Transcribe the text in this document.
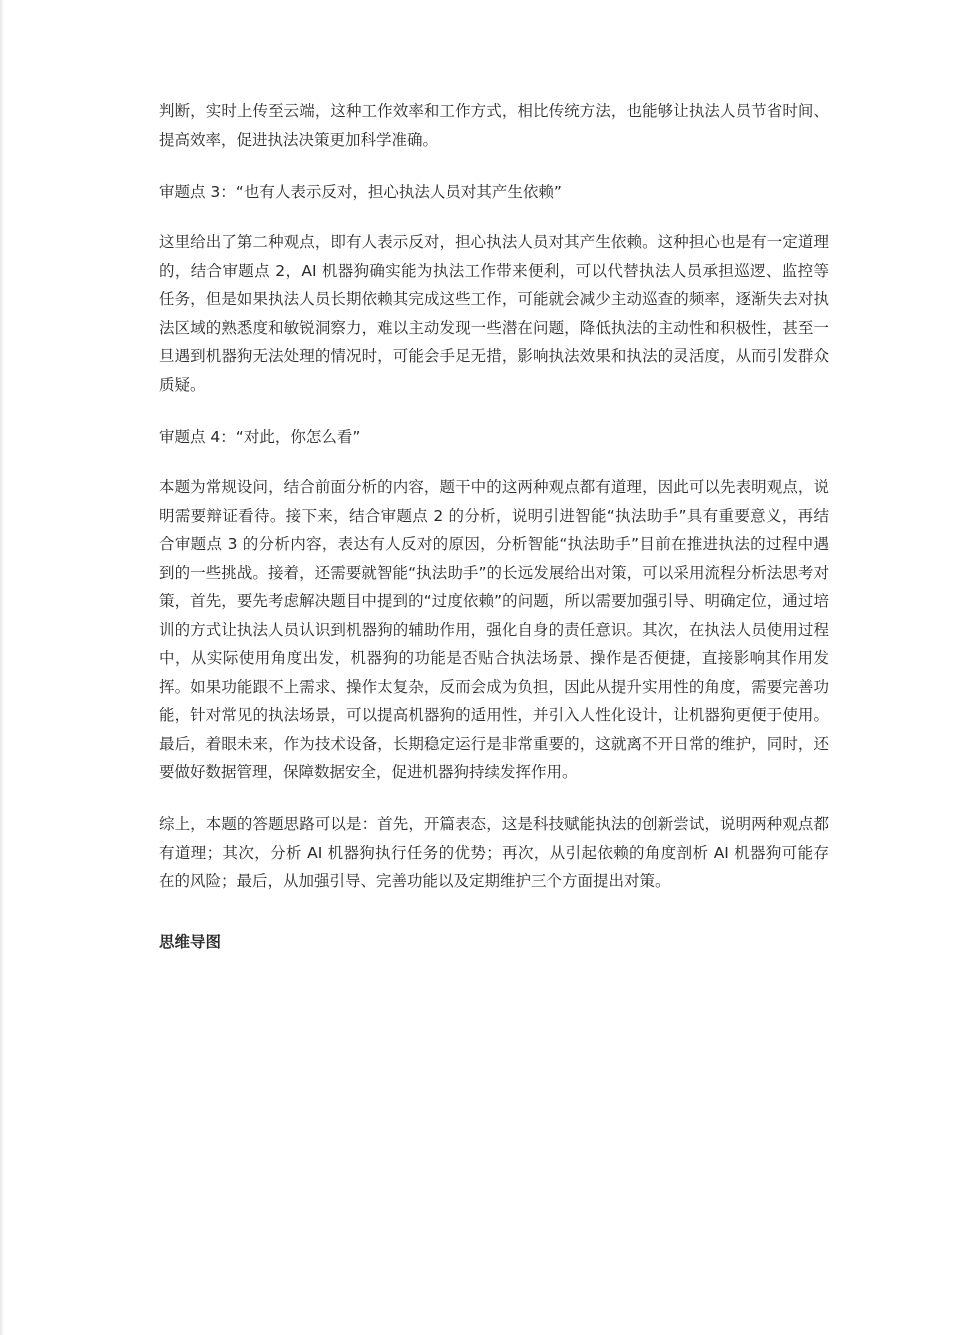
判断，实时上传至云端，这种工作效率和工作方式，相比传统方法，也能够让执法人员节省时间、提高效率，促进执法决策更加科学准确。

审题点 3：“也有人表示反对，担心执法人员对其产生依赖”

这里给出了第二种观点，即有人表示反对，担心执法人员对其产生依赖。这种担心也是有一定道理的，结合审题点 2，AI 机器狗确实能为执法工作带来便利，可以代替执法人员承担巡逻、监控等任务，但是如果执法人员长期依赖其完成这些工作，可能就会减少主动巡查的频率，逐渐失去对执法区域的熟悉度和敏锐洞察力，难以主动发现一些潜在问题，降低执法的主动性和积极性，甚至一旦遇到机器狗无法处理的情况时，可能会手足无措，影响执法效果和执法的灵活度，从而引发群众质疑。

审题点 4：“对此，你怎么看”

本题为常规设问，结合前面分析的内容，题干中的这两种观点都有道理，因此可以先表明观点，说明需要辩证看待。接下来，结合审题点 2 的分析，说明引进智能“执法助手”具有重要意义，再结合审题点 3 的分析内容，表达有人反对的原因，分析智能“执法助手”目前在推进执法的过程中遇到的一些挑战。接着，还需要就智能“执法助手”的长远发展给出对策，可以采用流程分析法思考对策，首先，要先考虑解决题目中提到的“过度依赖”的问题，所以需要加强引导、明确定位，通过培训的方式让执法人员认识到机器狗的辅助作用，强化自身的责任意识。其次，在执法人员使用过程中，从实际使用角度出发，机器狗的功能是否贴合执法场景、操作是否便捷，直接影响其作用发挥。如果功能跟不上需求、操作太复杂，反而会成为负担，因此从提升实用性的角度，需要完善功能，针对常见的执法场景，可以提高机器狗的适用性，并引入人性化设计，让机器狗更便于使用。最后，着眼未来，作为技术设备，长期稳定运行是非常重要的，这就离不开日常的维护，同时，还要做好数据管理，保障数据安全，促进机器狗持续发挥作用。

综上，本题的答题思路可以是：首先，开篇表态，这是科技赋能执法的创新尝试，说明两种观点都有道理；其次，分析 AI 机器狗执行任务的优势；再次，从引起依赖的角度剖析 AI 机器狗可能存在的风险；最后，从加强引导、完善功能以及定期维护三个方面提出对策。

思维导图
